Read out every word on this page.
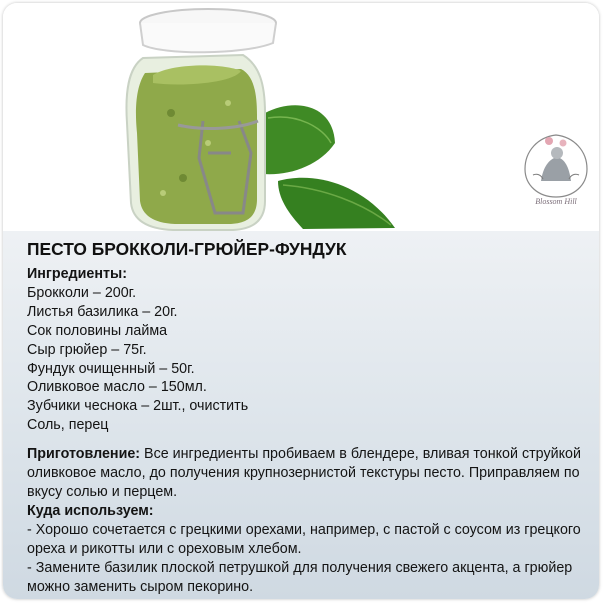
Blossom Hill
ПЕСТО БРОККОЛИ-ГРЮЙЕР-ФУНДУК
Ингредиенты:
Брокколи – 200г.
Листья базилика – 20г.
Сок половины лайма
Сыр грюйер – 75г.
Фундук очищенный – 50г.
Оливковое масло – 150мл.
Зубчики чеснока – 2шт., очистить
Соль, перец
Приготовление: Все ингредиенты пробиваем в блендере, вливая тонкой струйкой оливковое масло, до получения крупнозернистой текстуры песто. Приправляем по вкусу солью и перцем.
Куда используем:
- Хорошо сочетается с грецкими орехами, например, с пастой с соусом из грецкого ореха и рикотты или с ореховым хлебом.
- Замените базилик плоской петрушкой для получения свежего акцента, а грюйер можно заменить сыром пекорино.
